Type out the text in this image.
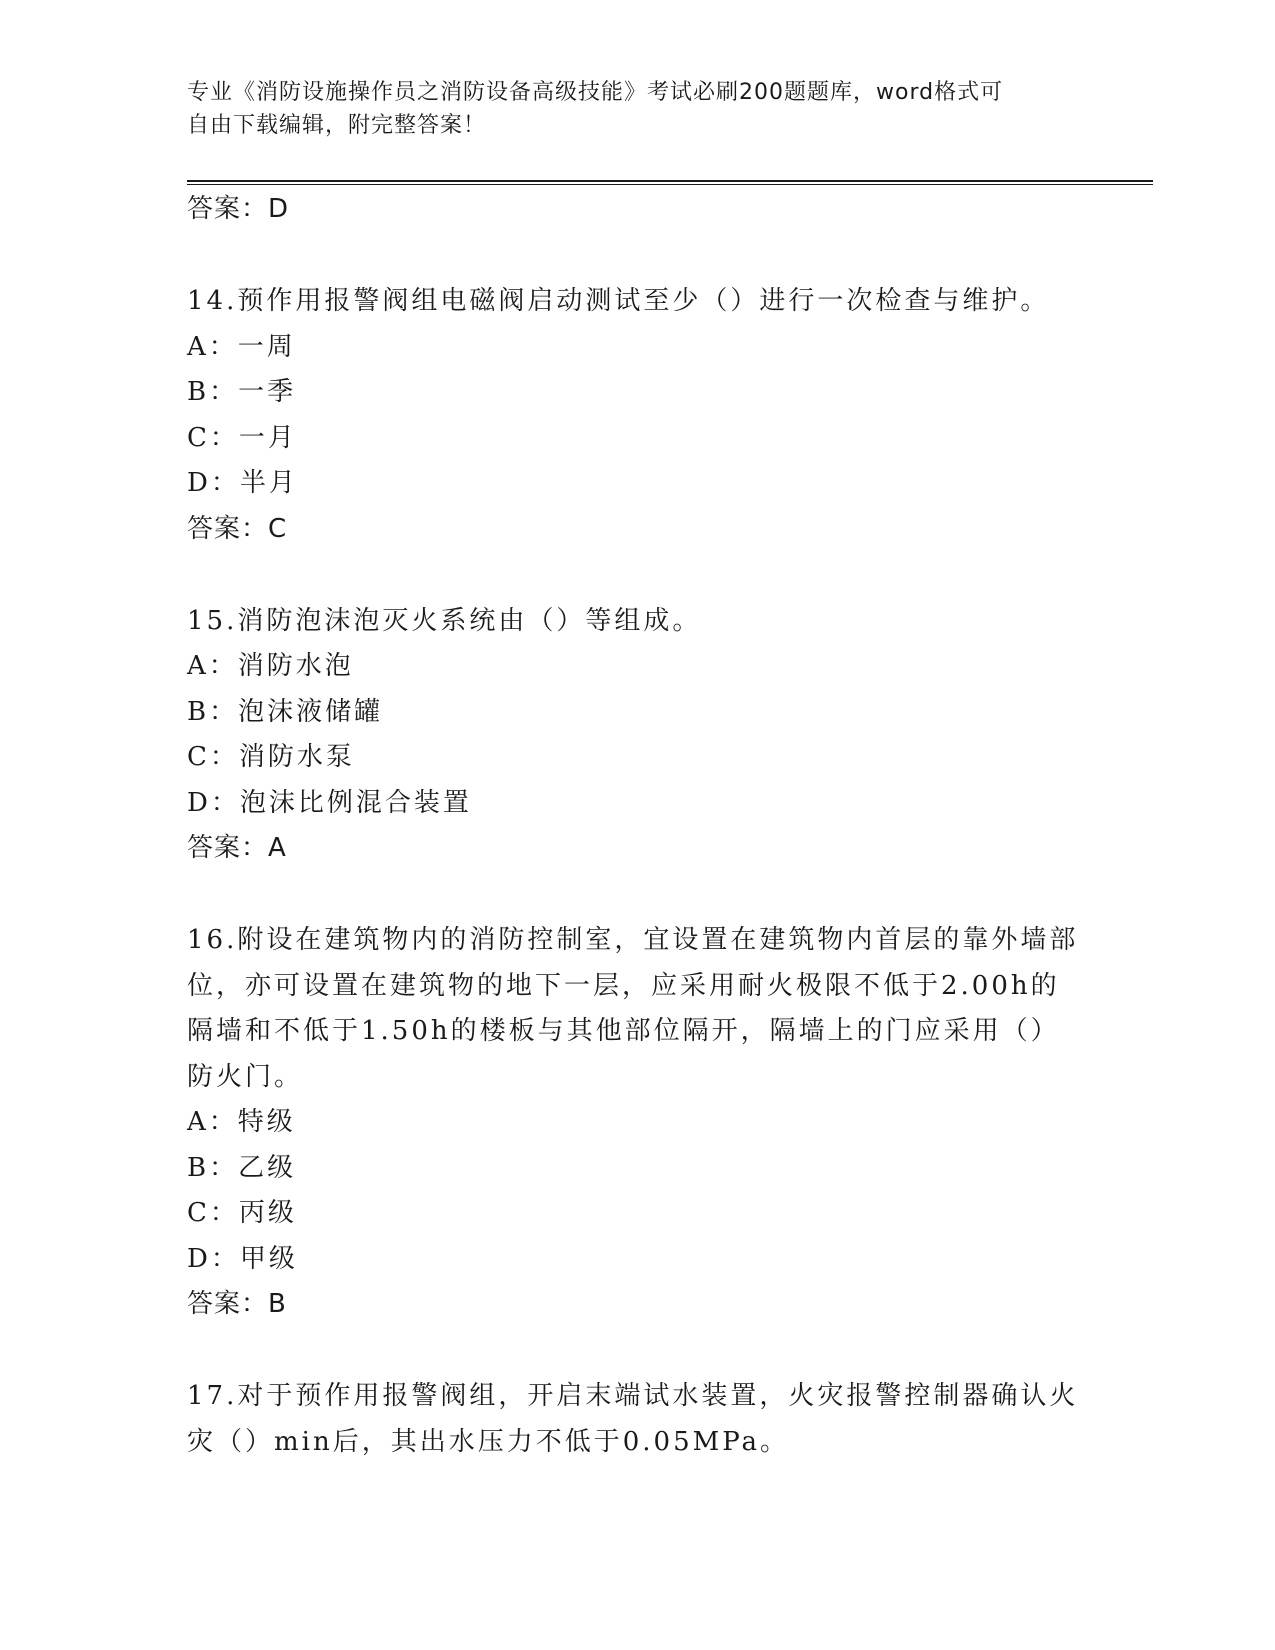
专业《消防设施操作员之消防设备高级技能》考试必刷200题题库，word格式可
自由下载编辑，附完整答案！
答案：D
14.预作用报警阀组电磁阀启动测试至少（）进行一次检查与维护。
A：一周
B：一季
C：一月
D：半月
答案：C
15.消防泡沫泡灭火系统由（）等组成。
A：消防水泡
B：泡沫液储罐
C：消防水泵
D：泡沫比例混合装置
答案：A
16.附设在建筑物内的消防控制室，宜设置在建筑物内首层的靠外墙部
位，亦可设置在建筑物的地下一层，应采用耐火极限不低于2.00h的
隔墙和不低于1.50h的楼板与其他部位隔开，隔墙上的门应采用（）
防火门。
A：特级
B：乙级
C：丙级
D：甲级
答案：B
17.对于预作用报警阀组，开启末端试水装置，火灾报警控制器确认火
灾（）min后，其出水压力不低于0.05MPa。
